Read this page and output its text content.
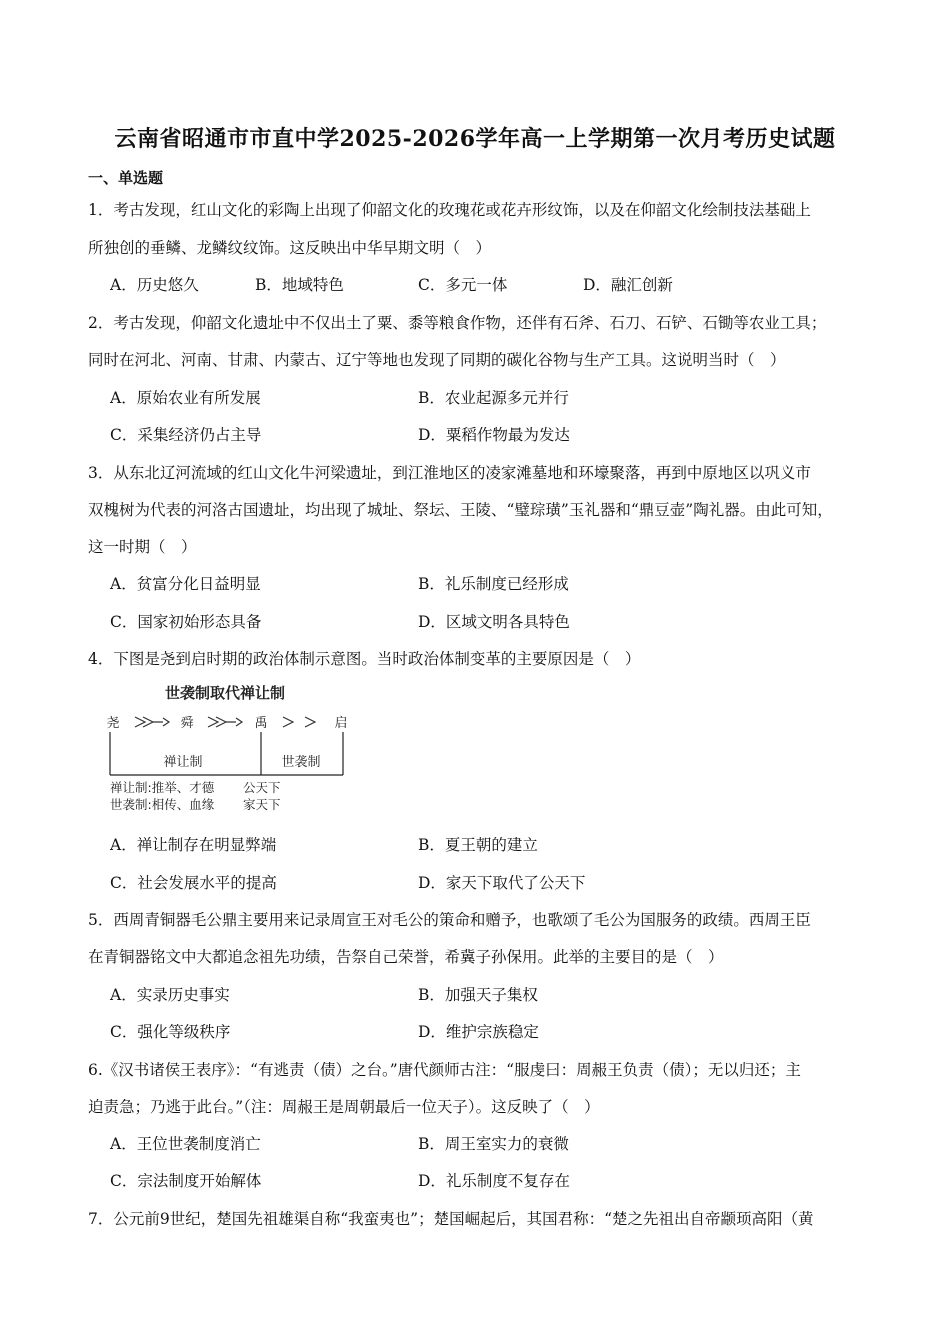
云南省昭通市市直中学2025-2026学年高一上学期第一次月考历史试题
一、单选题
1．考古发现，红山文化的彩陶上出现了仰韶文化的玫瑰花或花卉形纹饰，以及在仰韶文化绘制技法基础上
所独创的垂鳞、龙鳞纹纹饰。这反映出中华早期文明（　）
A．历史悠久	B．地域特色	C．多元一体	D．融汇创新
2．考古发现，仰韶文化遗址中不仅出土了粟、黍等粮食作物，还伴有石斧、石刀、石铲、石锄等农业工具；
同时在河北、河南、甘肃、内蒙古、辽宁等地也发现了同期的碳化谷物与生产工具。这说明当时（　）
A．原始农业有所发展	B．农业起源多元并行
C．采集经济仍占主导	D．粟稻作物最为发达
3．从东北辽河流域的红山文化牛河梁遗址，到江淮地区的凌家滩墓地和环壕聚落，再到中原地区以巩义市
双槐树为代表的河洛古国遗址，均出现了城址、祭坛、王陵、“璧琮璜”玉礼器和“鼎豆壶”陶礼器。由此可知，
这一时期（　）
A．贫富分化日益明显	B．礼乐制度已经形成
C．国家初始形态具备	D．区域文明各具特色
4．下图是尧到启时期的政治体制示意图。当时政治体制变革的主要原因是（　）
世袭制取代禅让制
尧	舜	禹	启
禅让制	世袭制
禅让制:推举、才德 公天下
世袭制:相传、血缘 家天下
A．禅让制存在明显弊端	B．夏王朝的建立
C．社会发展水平的提高	D．家天下取代了公天下
5．西周青铜器毛公鼎主要用来记录周宣王对毛公的策命和赠予，也歌颂了毛公为国服务的政绩。西周王臣
在青铜器铭文中大都追念祖先功绩，告祭自己荣誉，希冀子孙保用。此举的主要目的是（　）
A．实录历史事实	B．加强天子集权
C．强化等级秩序	D．维护宗族稳定
6.《汉书诸侯王表序》：“有逃责（债）之台。”唐代颜师古注：“服虔曰：周赧王负责（债）；无以归还；主
迫责急；乃逃于此台。”（注：周赧王是周朝最后一位天子）。这反映了（　）
A．王位世袭制度消亡	B．周王室实力的衰微
C．宗法制度开始解体	D．礼乐制度不复存在
7．公元前9世纪，楚国先祖雄渠自称“我蛮夷也”；楚国崛起后，其国君称：“楚之先祖出自帝颛顼高阳（黄
